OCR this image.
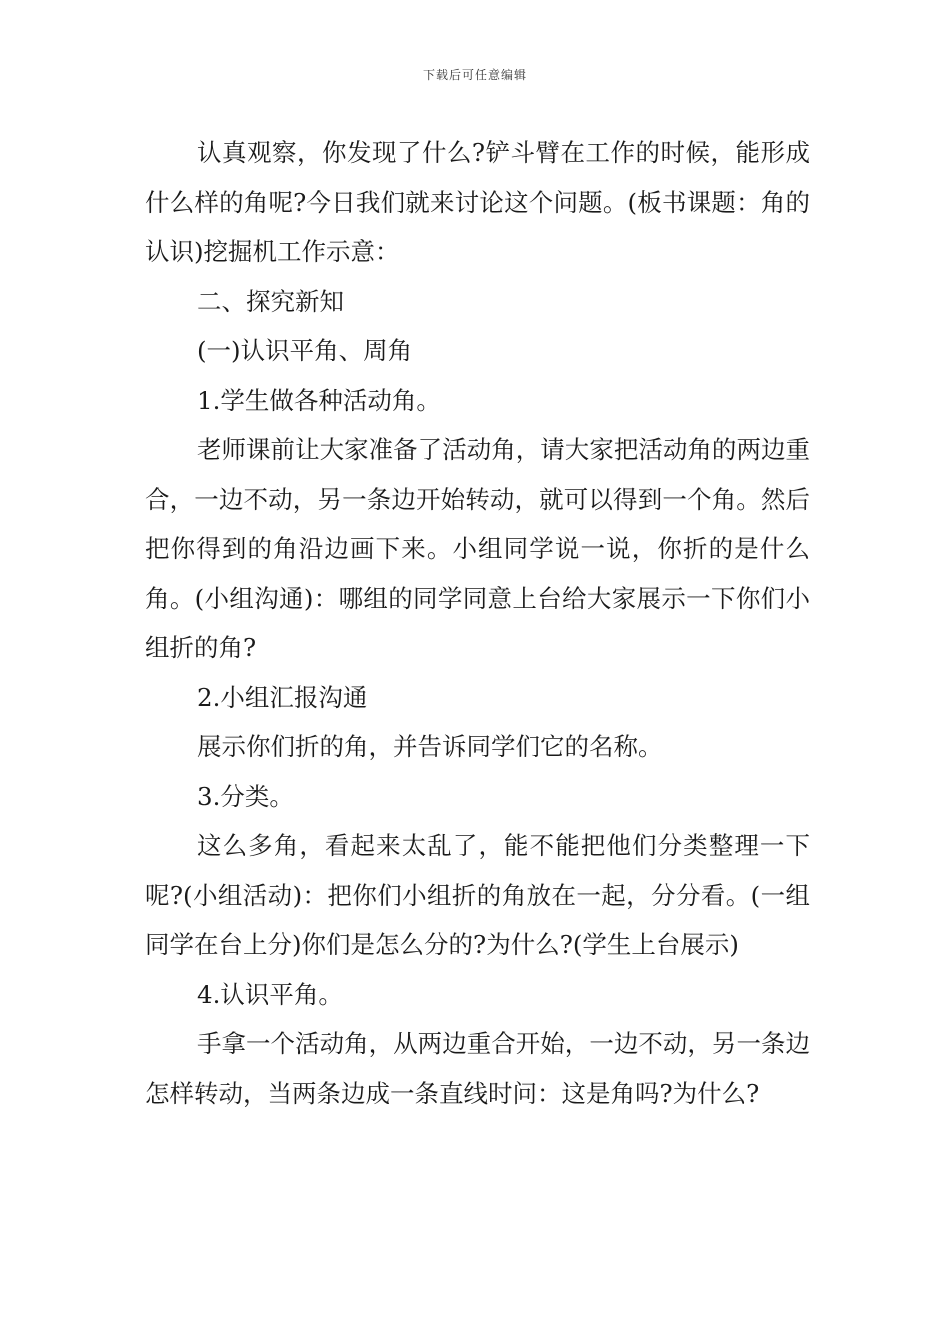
下载后可任意编辑

认真观察，你发现了什么?铲斗臂在工作的时候，能形成什么样的角呢?今日我们就来讨论这个问题。(板书课题：角的认识)挖掘机工作示意：

二、探究新知

(一)认识平角、周角

1.学生做各种活动角。

老师课前让大家准备了活动角，请大家把活动角的两边重合，一边不动，另一条边开始转动，就可以得到一个角。然后把你得到的角沿边画下来。小组同学说一说，你折的是什么角。(小组沟通)：哪组的同学同意上台给大家展示一下你们小组折的角?

2.小组汇报沟通

展示你们折的角，并告诉同学们它的名称。

3.分类。

这么多角，看起来太乱了，能不能把他们分类整理一下呢?(小组活动)：把你们小组折的角放在一起，分分看。(一组同学在台上分)你们是怎么分的?为什么?(学生上台展示)

4.认识平角。

手拿一个活动角，从两边重合开始，一边不动，另一条边怎样转动，当两条边成一条直线时问：这是角吗?为什么?
